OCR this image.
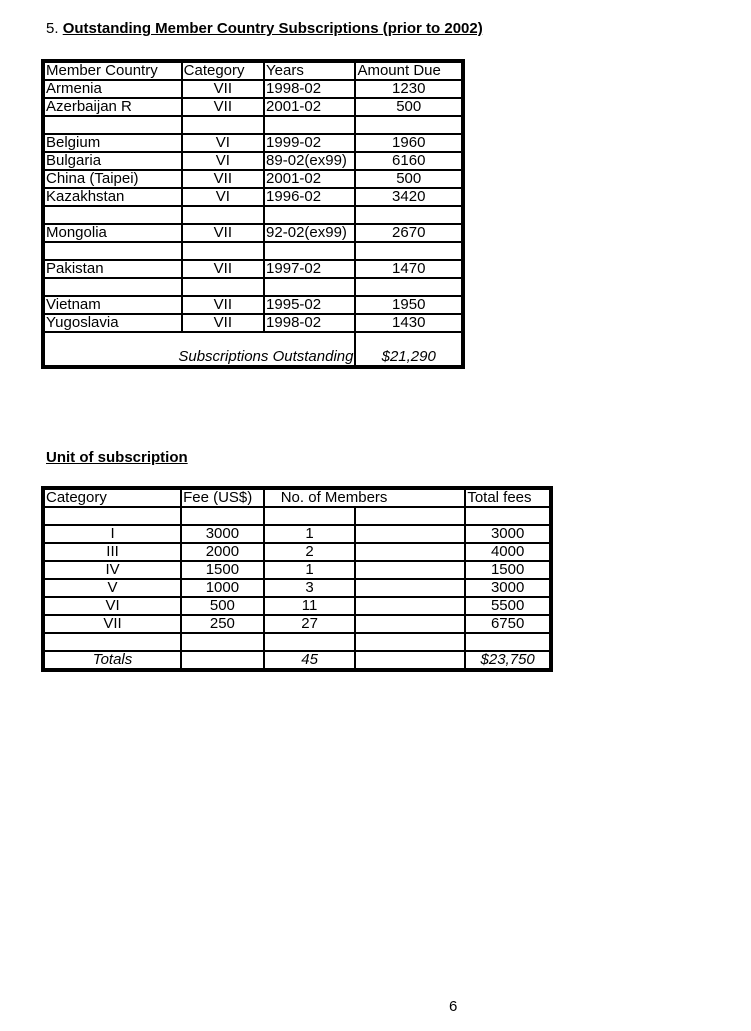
5. Outstanding Member Country Subscriptions (prior to 2002)
Member Country	Category	Years	Amount Due
Armenia	VII	1998-02	1230
Azerbaijan R	VII	2001-02	500

Belgium	VI	1999-02	1960
Bulgaria	VI	89-02(ex99)	6160
China (Taipei)	VII	2001-02	500
Kazakhstan	VI	1996-02	3420

Mongolia	VII	92-02(ex99)	2670

Pakistan	VII	1997-02	1470

Vietnam	VII	1995-02	1950
Yugoslavia	VII	1998-02	1430

Subscriptions Outstanding			$21,290
Unit of subscription
Category	Fee (US$)	No. of Members		Total fees

I	3000	1		3000
III	2000	2		4000
IV	1500	1		1500
V	1000	3		3000
VI	500	11		5500
VII	250	27		6750

Totals		45		$23,750
6
